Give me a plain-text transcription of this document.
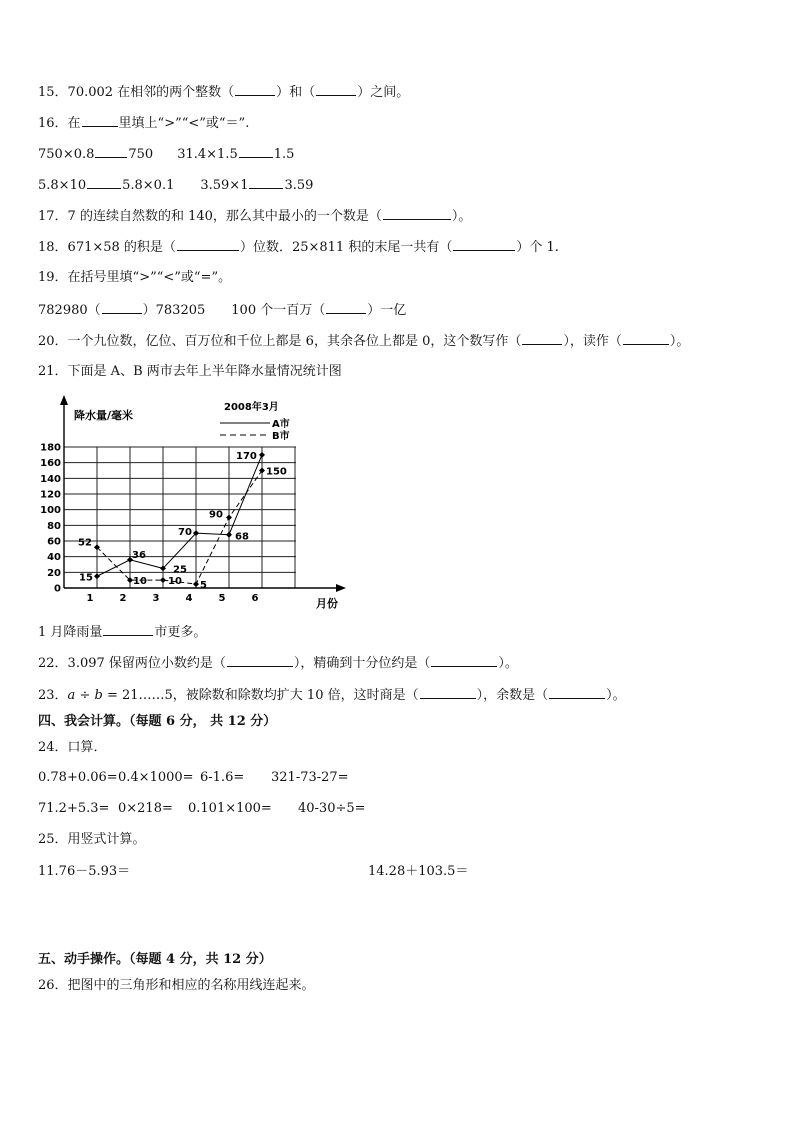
15．70.002 在相邻的两个整数（	）和（	）之间。
16．在	里填上“>”“<”或“＝”.
750×0.8	750 31.4×1.5	1.5
5.8×10	5.8×0.1 3.59×1	3.59
17．7 的连续自然数的和 140，那么其中最小的一个数是（	）。
18．671×58 的积是（	）位数．25×811 积的末尾一共有（	）个 1.
19．在括号里填“>”“<”或“=”。
782980（	）783205 100 个一百万（	）一亿
20．一个九位数，亿位、百万位和千位上都是 6，其余各位上都是 0，这个数写作（	），读作（	）。
21．下面是 A、B 两市去年上半年降水量情况统计图
0
20
40
60
80
100
120
140
160
180
1	2	3	4	5	6
降水量/毫米
月份
2008年3月
A市
B市
15
36
25
70	68
170
52
10 10 5
90
150
1 月降雨量	市更多。
22．3.097 保留两位小数约是（	），精确到十分位约是（	）。
23．a ÷ b = 21……5，被除数和除数均扩大 10 倍，这时商是（	），余数是（	）。
四、我会计算。（每题 6 分， 共 12 分）
24．口算．
0.78+0.06= 0.4×1000= 6-1.6= 321-73-27=
71.2+5.3= 0×218= 0.101×100= 40-30÷5=
25．用竖式计算。
11.76－5.93＝	14.28＋103.5＝
五、动手操作。（每题 4 分，共 12 分）
26．把图中的三角形和相应的名称用线连起来。
